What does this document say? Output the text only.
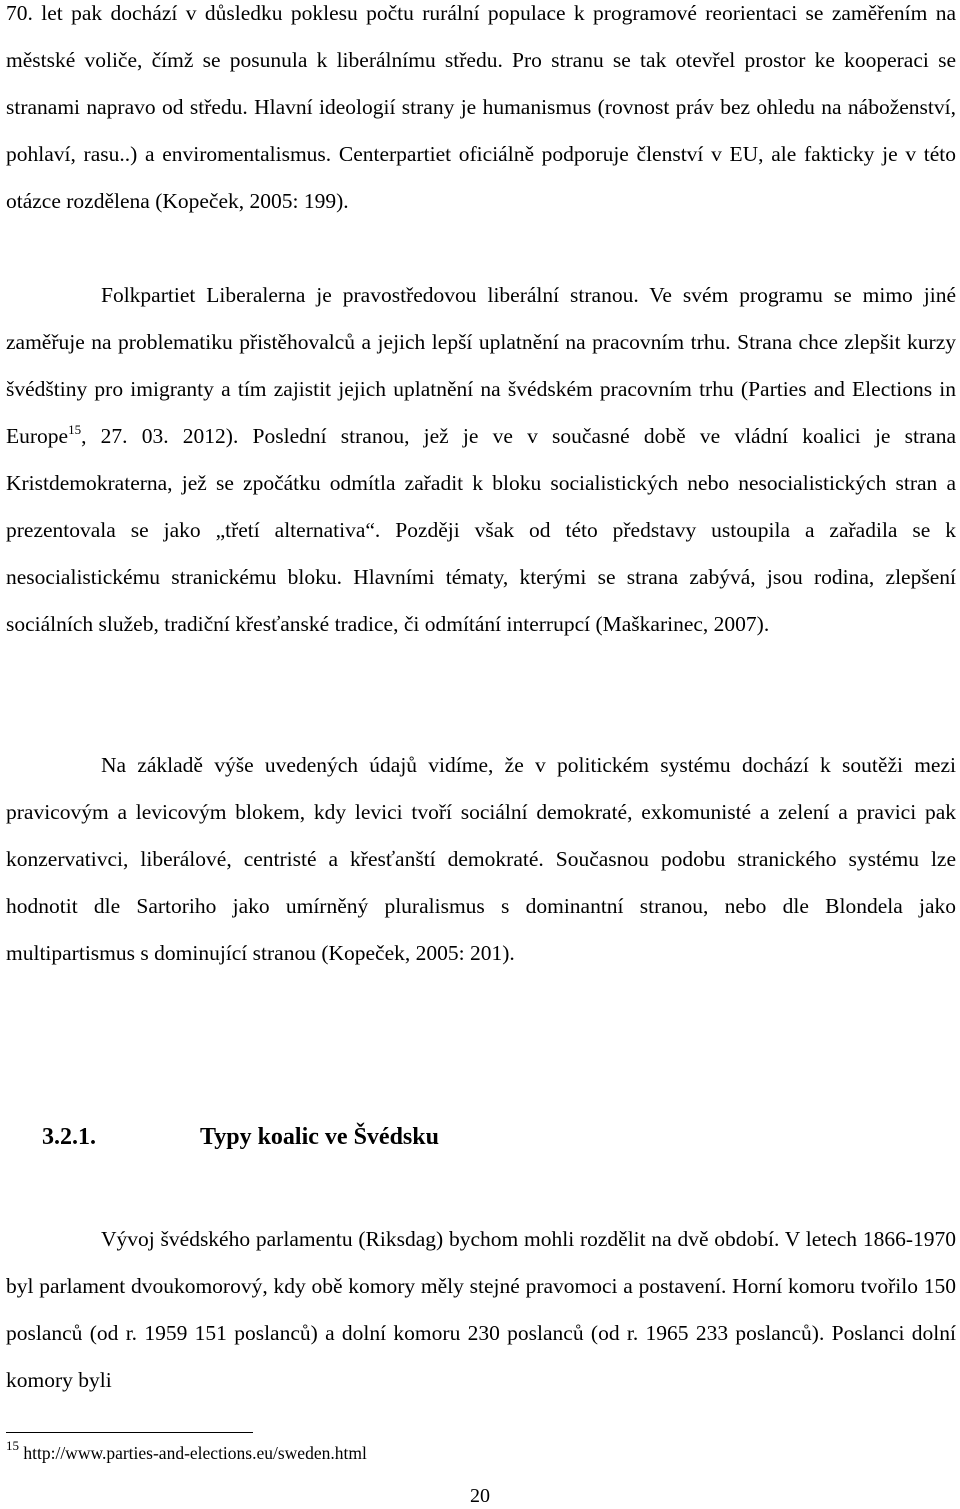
70. let pak dochází v důsledku poklesu počtu rurální populace k programové reorientaci se zaměřením na městské voliče, čímž se posunula k liberálnímu středu. Pro stranu se tak otevřel prostor ke kooperaci se stranami napravo od středu. Hlavní ideologií strany je humanismus (rovnost práv bez ohledu na náboženství, pohlaví, rasu..) a enviromentalismus. Centerpartiet oficiálně podporuje členství v EU, ale fakticky je v této otázce rozdělena (Kopeček, 2005: 199).

Folkpartiet Liberalerna je pravostředovou liberální stranou. Ve svém programu se mimo jiné zaměřuje na problematiku přistěhovalců a jejich lepší uplatnění na pracovním trhu. Strana chce zlepšit kurzy švédštiny pro imigranty a tím zajistit jejich uplatnění na švédském pracovním trhu (Parties and Elections in Europe$^{15}$, 27. 03. 2012). Poslední stranou, jež je ve v současné době ve vládní koalici je strana Kristdemokraterna, jež se zpočátku odmítla zařadit k bloku socialistických nebo nesocialistických stran a prezentovala se jako „třetí alternativa“. Později však od této představy ustoupila a zařadila se k nesocialistickému stranickému bloku. Hlavními tématy, kterými se strana zabývá, jsou rodina, zlepšení sociálních služeb, tradiční křesťanské tradice, či odmítání interrupcí (Maškarinec, 2007).

Na základě výše uvedených údajů vidíme, že v politickém systému dochází k soutěži mezi pravicovým a levicovým blokem, kdy levici tvoří sociální demokraté, exkomunisté a zelení a pravici pak konzervativci, liberálové, centristé a křesťanští demokraté. Současnou podobu stranického systému lze hodnotit dle Sartoriho jako umírněný pluralismus s dominantní stranou, nebo dle Blondela jako multipartismus s dominující stranou (Kopeček, 2005: 201).

3.2.1.	Typy koalic ve Švédsku

Vývoj švédského parlamentu (Riksdag) bychom mohli rozdělit na dvě období. V letech 1866-1970 byl parlament dvoukomorový, kdy obě komory měly stejné pravomoci a postavení. Horní komoru tvořilo 150 poslanců (od r. 1959 151 poslanců) a dolní komoru 230 poslanců (od r. 1965 233 poslanců). Poslanci dolní komory byli

$^{15}$ http://www.parties-and-elections.eu/sweden.html

20
